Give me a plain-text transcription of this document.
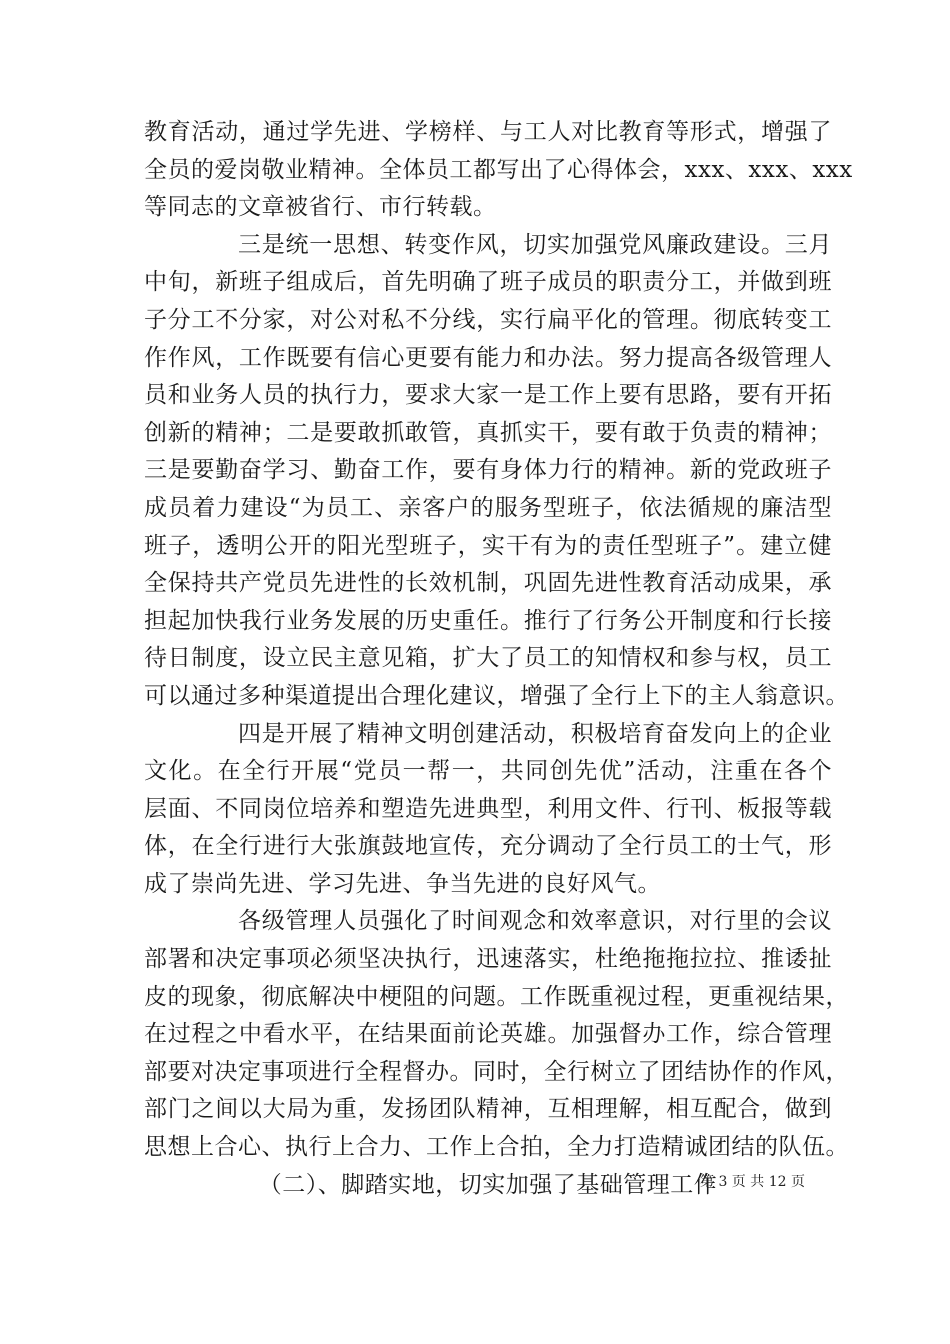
教育活动，通过学先进、学榜样、与工人对比教育等形式，增强了
全员的爱岗敬业精神。全体员工都写出了心得体会，xxx、xxx、xxx
等同志的文章被省行、市行转载。
三是统一思想、转变作风，切实加强党风廉政建设。三月
中旬，新班子组成后，首先明确了班子成员的职责分工，并做到班
子分工不分家，对公对私不分线，实行扁平化的管理。彻底转变工
作作风，工作既要有信心更要有能力和办法。努力提高各级管理人
员和业务人员的执行力，要求大家一是工作上要有思路，要有开拓
创新的精神；二是要敢抓敢管，真抓实干，要有敢于负责的精神；
三是要勤奋学习、勤奋工作，要有身体力行的精神。新的党政班子
成员着力建设“为员工、亲客户的服务型班子，依法循规的廉洁型
班子，透明公开的阳光型班子，实干有为的责任型班子”。建立健
全保持共产党员先进性的长效机制，巩固先进性教育活动成果，承
担起加快我行业务发展的历史重任。推行了行务公开制度和行长接
待日制度，设立民主意见箱，扩大了员工的知情权和参与权，员工
可以通过多种渠道提出合理化建议，增强了全行上下的主人翁意识。
四是开展了精神文明创建活动，积极培育奋发向上的企业
文化。在全行开展“党员一帮一，共同创先优”活动，注重在各个
层面、不同岗位培养和塑造先进典型，利用文件、行刊、板报等载
体，在全行进行大张旗鼓地宣传，充分调动了全行员工的士气，形
成了崇尚先进、学习先进、争当先进的良好风气。
各级管理人员强化了时间观念和效率意识，对行里的会议
部署和决定事项必须坚决执行，迅速落实，杜绝拖拖拉拉、推诿扯
皮的现象，彻底解决中梗阻的问题。工作既重视过程，更重视结果，
在过程之中看水平，在结果面前论英雄。加强督办工作，综合管理
部要对决定事项进行全程督办。同时，全行树立了团结协作的作风，
部门之间以大局为重，发扬团队精神，互相理解，相互配合，做到
思想上合心、执行上合力、工作上合拍，全力打造精诚团结的队伍。
（二）、脚踏实地，切实加强了基础管理工作
第 3 页 共 12 页
